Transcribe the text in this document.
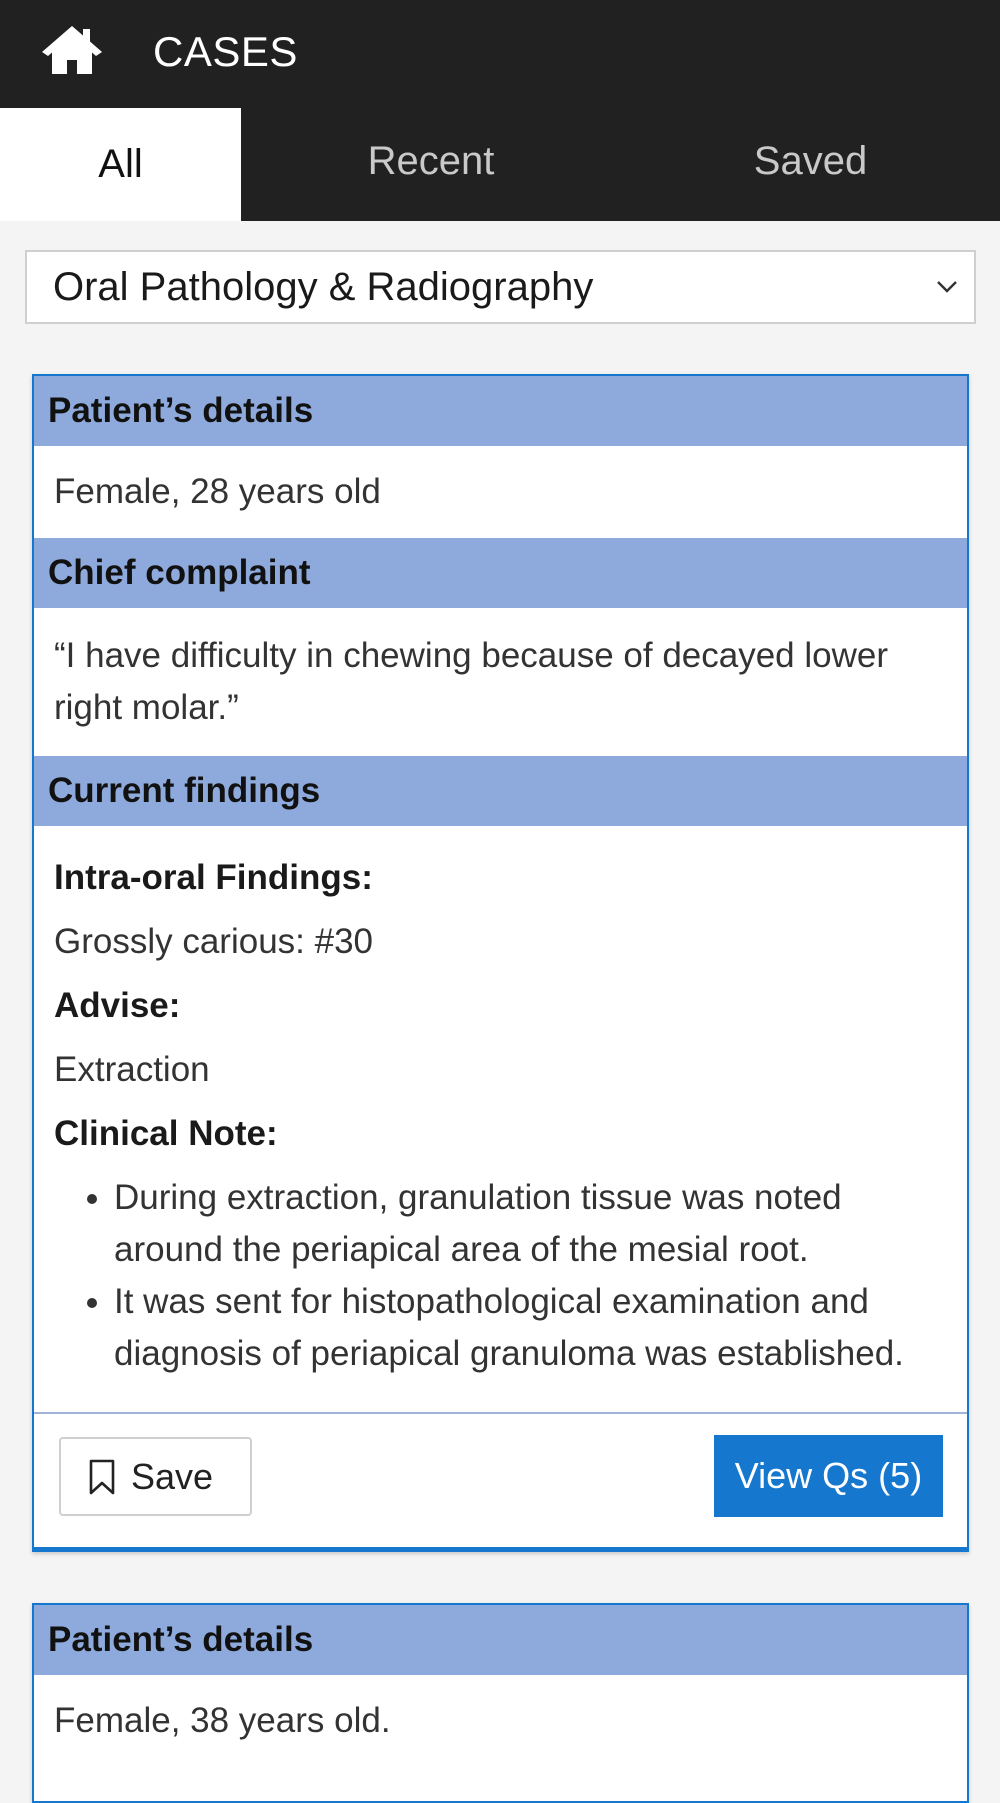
CASES
All	Recent	Saved
Oral Pathology & Radiography
Patient’s details
Female, 28 years old
Chief complaint
“I have difficulty in chewing because of decayed lower right molar.”
Current findings
Intra-oral Findings:
Grossly carious: #30
Advise:
Extraction
Clinical Note:
• During extraction, granulation tissue was noted around the periapical area of the mesial root.
• It was sent for histopathological examination and diagnosis of periapical granuloma was established.
Save	View Qs (5)
Patient’s details
Female, 38 years old.
